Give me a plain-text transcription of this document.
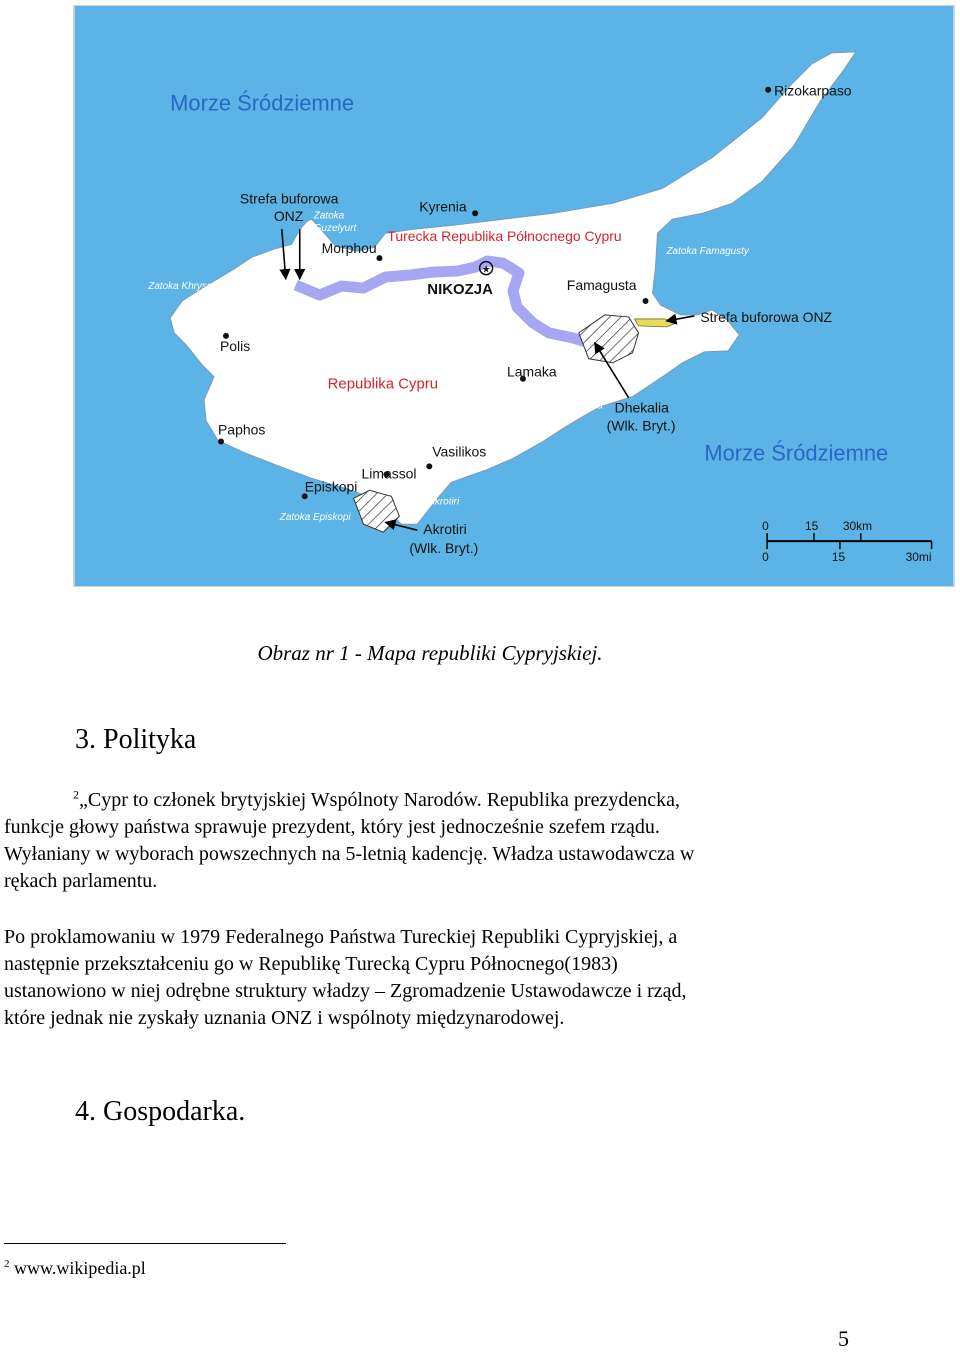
★
Morze Śródziemne
Morze Śródziemne
Strefa buforowa
ONZ
Strefa buforowa ONZ
Zatoka
Guzelyurt
Zatoka Khrysokhou
Zatoka Famagusty
Zatoka
Larnaka
Zatoka Akrotiri
Zatoka Episkopi
Rizokarpaso
Kyrenia
Morphou
NIKOZJA	Famagusta
Polis
Lamaka
Paphos
Vasilikos
Limassol
Episkopi
Dhekalia
(Wlk. Bryt.)
Akrotiri
(Wlk. Bryt.)
Turecka Republika Północnego Cypru
Republika Cypru
0	15 30km
0	15	30mi
Obraz nr 1 - Mapa republiki Cypryjskiej.
3. Polityka
$^2$„Cypr to członek brytyjskiej Wspólnoty Narodów. Republika prezydencka,
funkcje głowy państwa sprawuje prezydent, który jest jednocześnie szefem rządu.
Wyłaniany w wyborach powszechnych na 5-letnią kadencję. Władza ustawodawcza w
rękach parlamentu.
Po proklamowaniu w 1979 Federalnego Państwa Tureckiej Republiki Cypryjskiej, a
następnie przekształceniu go w Republikę Turecką Cypru Północnego(1983)
ustanowiono w niej odrębne struktury władzy – Zgromadzenie Ustawodawcze i rząd,
które jednak nie zyskały uznania ONZ i wspólnoty międzynarodowej.
4. Gospodarka.
$^2$ www.wikipedia.pl
5
